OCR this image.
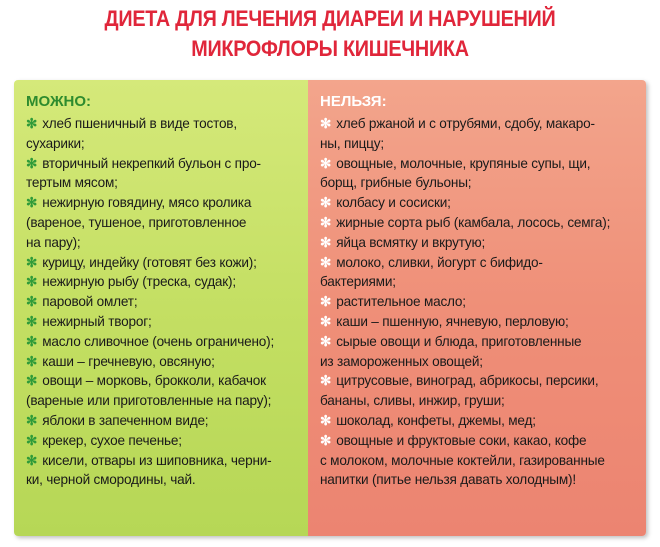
ДИЕТА ДЛЯ ЛЕЧЕНИЯ ДИАРЕИ И НАРУШЕНИЙ
МИКРОФЛОРЫ КИШЕЧНИКА
МОЖНО:
✻ хлеб пшеничный в виде тостов,
сухарики;
✻ вторичный некрепкий бульон с про-
тертым мясом;
✻ нежирную говядину, мясо кролика
(вареное, тушеное, приготовленное
на пару);
✻ курицу, индейку (готовят без кожи);
✻ нежирную рыбу (треска, судак);
✻ паровой омлет;
✻ нежирный творог;
✻ масло сливочное (очень ограничено);
✻ каши – гречневую, овсяную;
✻ овощи – морковь, брокколи, кабачок
(вареные или приготовленные на пару);
✻ яблоки в запеченном виде;
✻ крекер, сухое печенье;
✻ кисели, отвары из шиповника, черни-
ки, черной смородины, чай.
НЕЛЬЗЯ:
✻ хлеб ржаной и с отрубями, сдобу, макаро-
ны, пиццу;
✻ овощные, молочные, крупяные супы, щи,
борщ, грибные бульоны;
✻ колбасу и сосиски;
✻ жирные сорта рыб (камбала, лосось, семга);
✻ яйца всмятку и вкрутую;
✻ молоко, сливки, йогурт с бифидо-
бактериями;
✻ растительное масло;
✻ каши – пшенную, ячневую, перловую;
✻ сырые овощи и блюда, приготовленные
из замороженных овощей;
✻ цитрусовые, виноград, абрикосы, персики,
бананы, сливы, инжир, груши;
✻ шоколад, конфеты, джемы, мед;
✻ овощные и фруктовые соки, какао, кофе
с молоком, молочные коктейли, газированные
напитки (питье нельзя давать холодным)!
